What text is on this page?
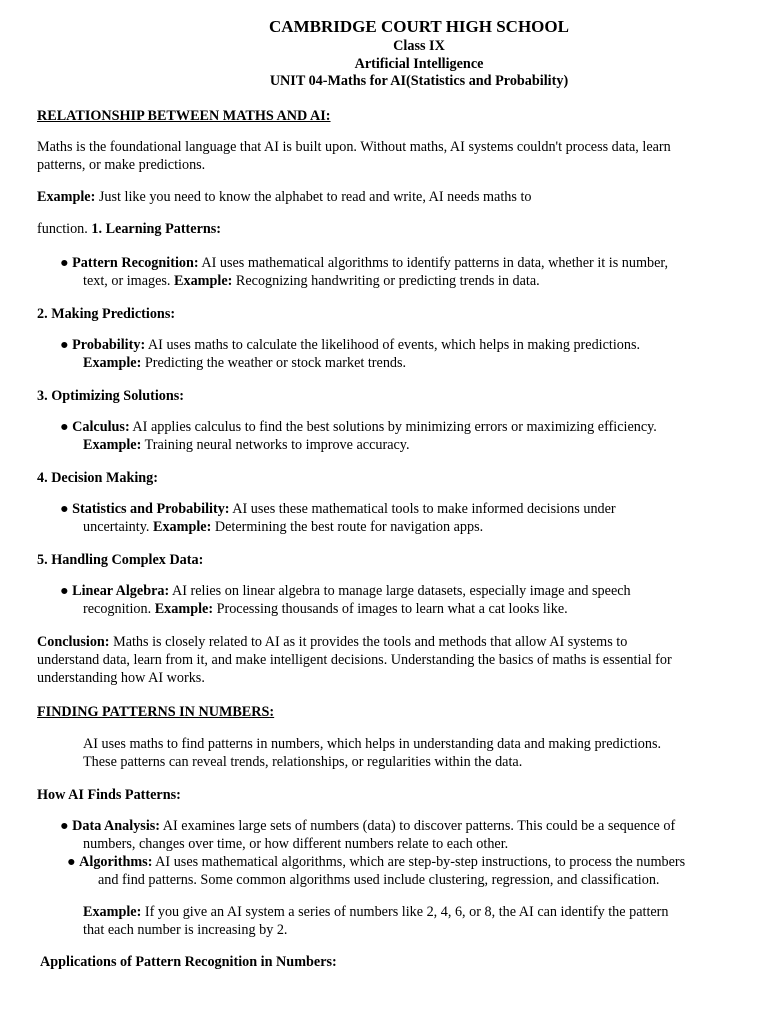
CAMBRIDGE COURT HIGH SCHOOL
Class IX
Artificial Intelligence
UNIT 04-Maths for AI(Statistics and Probability)
RELATIONSHIP BETWEEN MATHS AND AI:
Maths is the foundational language that AI is built upon. Without maths, AI systems couldn't process data, learn
patterns, or make predictions.
Example: Just like you need to know the alphabet to read and write, AI needs maths to
function. 1. Learning Patterns:
● Pattern Recognition: AI uses mathematical algorithms to identify patterns in data, whether it is number,
text, or images. Example: Recognizing handwriting or predicting trends in data.
2. Making Predictions:
● Probability: AI uses maths to calculate the likelihood of events, which helps in making predictions.
Example: Predicting the weather or stock market trends.
3. Optimizing Solutions:
● Calculus: AI applies calculus to find the best solutions by minimizing errors or maximizing efficiency.
Example: Training neural networks to improve accuracy.
4. Decision Making:
● Statistics and Probability: AI uses these mathematical tools to make informed decisions under
uncertainty. Example: Determining the best route for navigation apps.
5. Handling Complex Data:
● Linear Algebra: AI relies on linear algebra to manage large datasets, especially image and speech
recognition. Example: Processing thousands of images to learn what a cat looks like.
Conclusion: Maths is closely related to AI as it provides the tools and methods that allow AI systems to
understand data, learn from it, and make intelligent decisions. Understanding the basics of maths is essential for
understanding how AI works.
FINDING PATTERNS IN NUMBERS:
AI uses maths to find patterns in numbers, which helps in understanding data and making predictions.
These patterns can reveal trends, relationships, or regularities within the data.
How AI Finds Patterns:
● Data Analysis: AI examines large sets of numbers (data) to discover patterns. This could be a sequence of
numbers, changes over time, or how different numbers relate to each other.
● Algorithms: AI uses mathematical algorithms, which are step-by-step instructions, to process the numbers
and find patterns. Some common algorithms used include clustering, regression, and classification.
Example: If you give an AI system a series of numbers like 2, 4, 6, or 8, the AI can identify the pattern
that each number is increasing by 2.
Applications of Pattern Recognition in Numbers:
